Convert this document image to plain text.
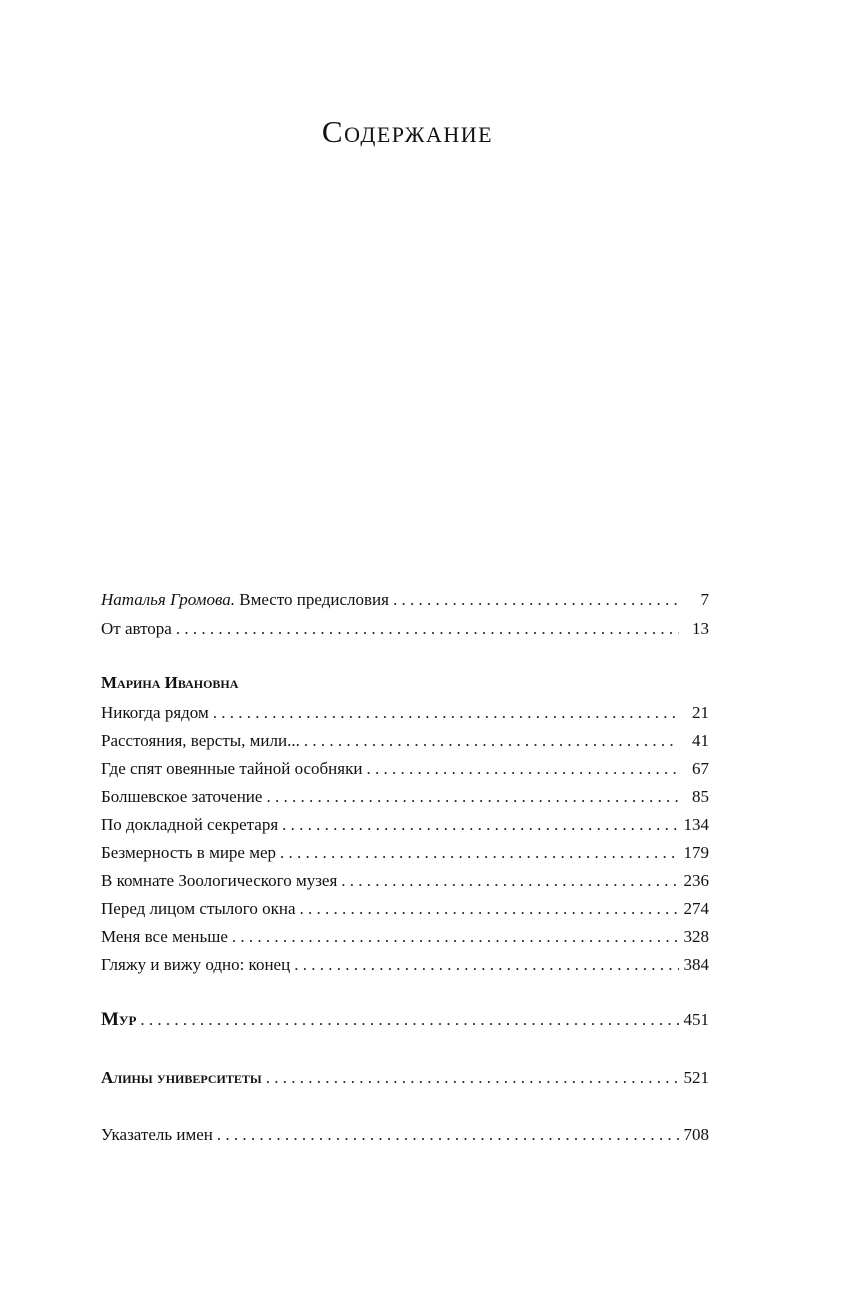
Содержание
Наталья Громова. Вместо предисловия . . .	7
От автора . . .	13
Марина Ивановна
Никогда рядом . . .	21
Расстояния, версты, мили... . . .	41
Где спят овеянные тайной особняки . . .	67
Болшевское заточение . . .	85
По докладной секретаря . . .	134
Безмерность в мире мер . . .	179
В комнате Зоологического музея . . .	236
Перед лицом стылого окна . . .	274
Меня все меньше . . .	328
Гляжу и вижу одно: конец . . .	384
Мур . . .	451
Алины университеты . . .	521
Указатель имен . . .	708
